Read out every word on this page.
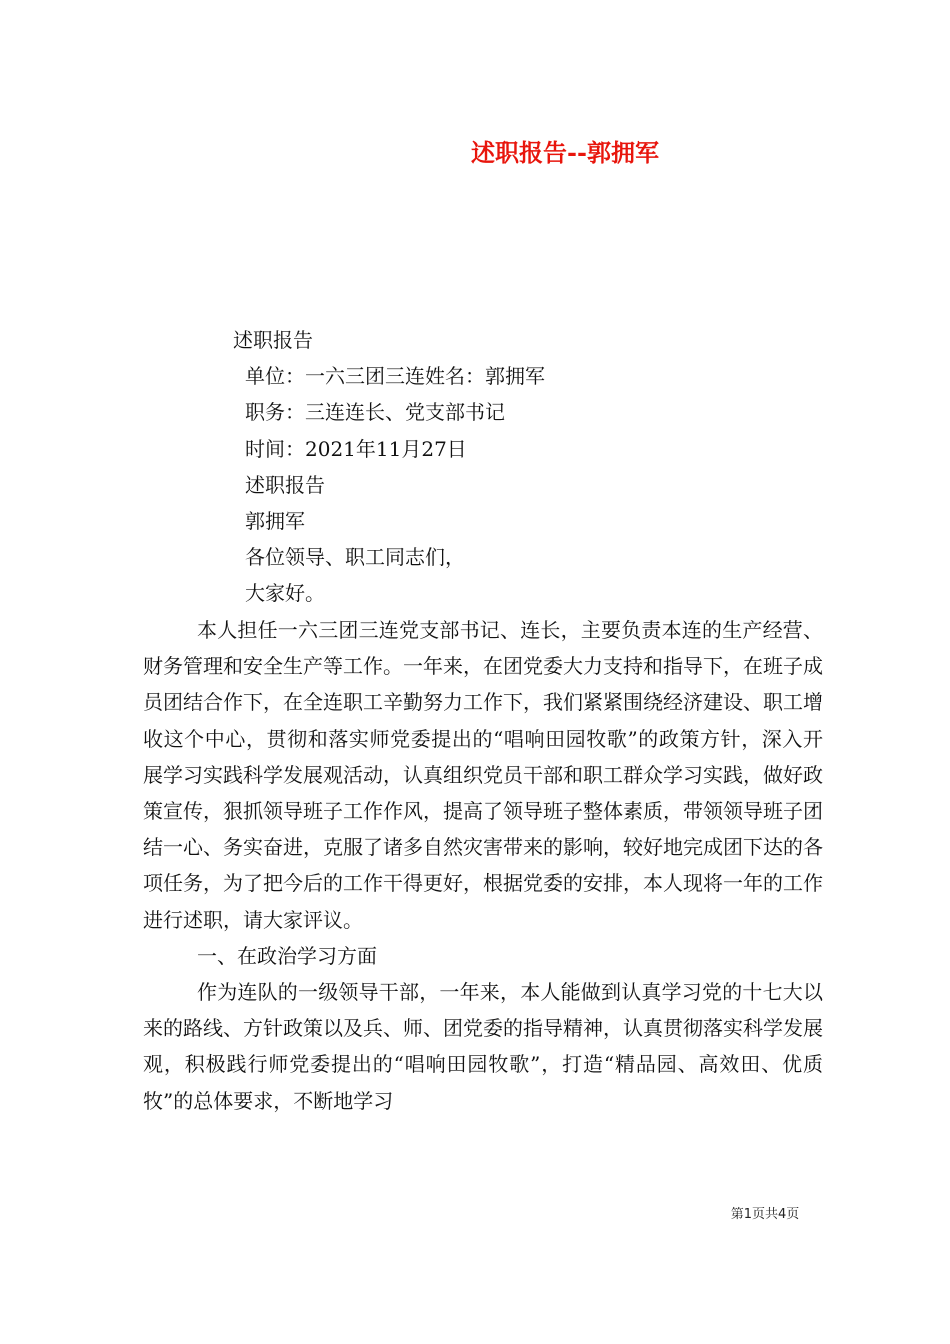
述职报告--郭拥军
述职报告
单位：一六三团三连姓名：郭拥军
职务：三连连长、党支部书记
时间：2021年11月27日
述职报告
郭拥军
各位领导、职工同志们，
大家好。

本人担任一六三团三连党支部书记、连长，主要负责本连的生产经营、财务管理和安全生产等工作。一年来，在团党委大力支持和指导下，在班子成员团结合作下，在全连职工辛勤努力工作下，我们紧紧围绕经济建设、职工增收这个中心，贯彻和落实师党委提出的“唱响田园牧歌”的政策方针，深入开展学习实践科学发展观活动，认真组织党员干部和职工群众学习实践，做好政策宣传，狠抓领导班子工作作风，提高了领导班子整体素质，带领领导班子团结一心、务实奋进，克服了诸多自然灾害带来的影响，较好地完成团下达的各项任务，为了把今后的工作干得更好，根据党委的安排，本人现将一年的工作进行述职，请大家评议。

一、在政治学习方面

作为连队的一级领导干部，一年来，本人能做到认真学习党的十七大以来的路线、方针政策以及兵、师、团党委的指导精神，认真贯彻落实科学发展观，积极践行师党委提出的“唱响田园牧歌”，打造“精品园、高效田、优质牧”的总体要求，不断地学习

第1页共4页
